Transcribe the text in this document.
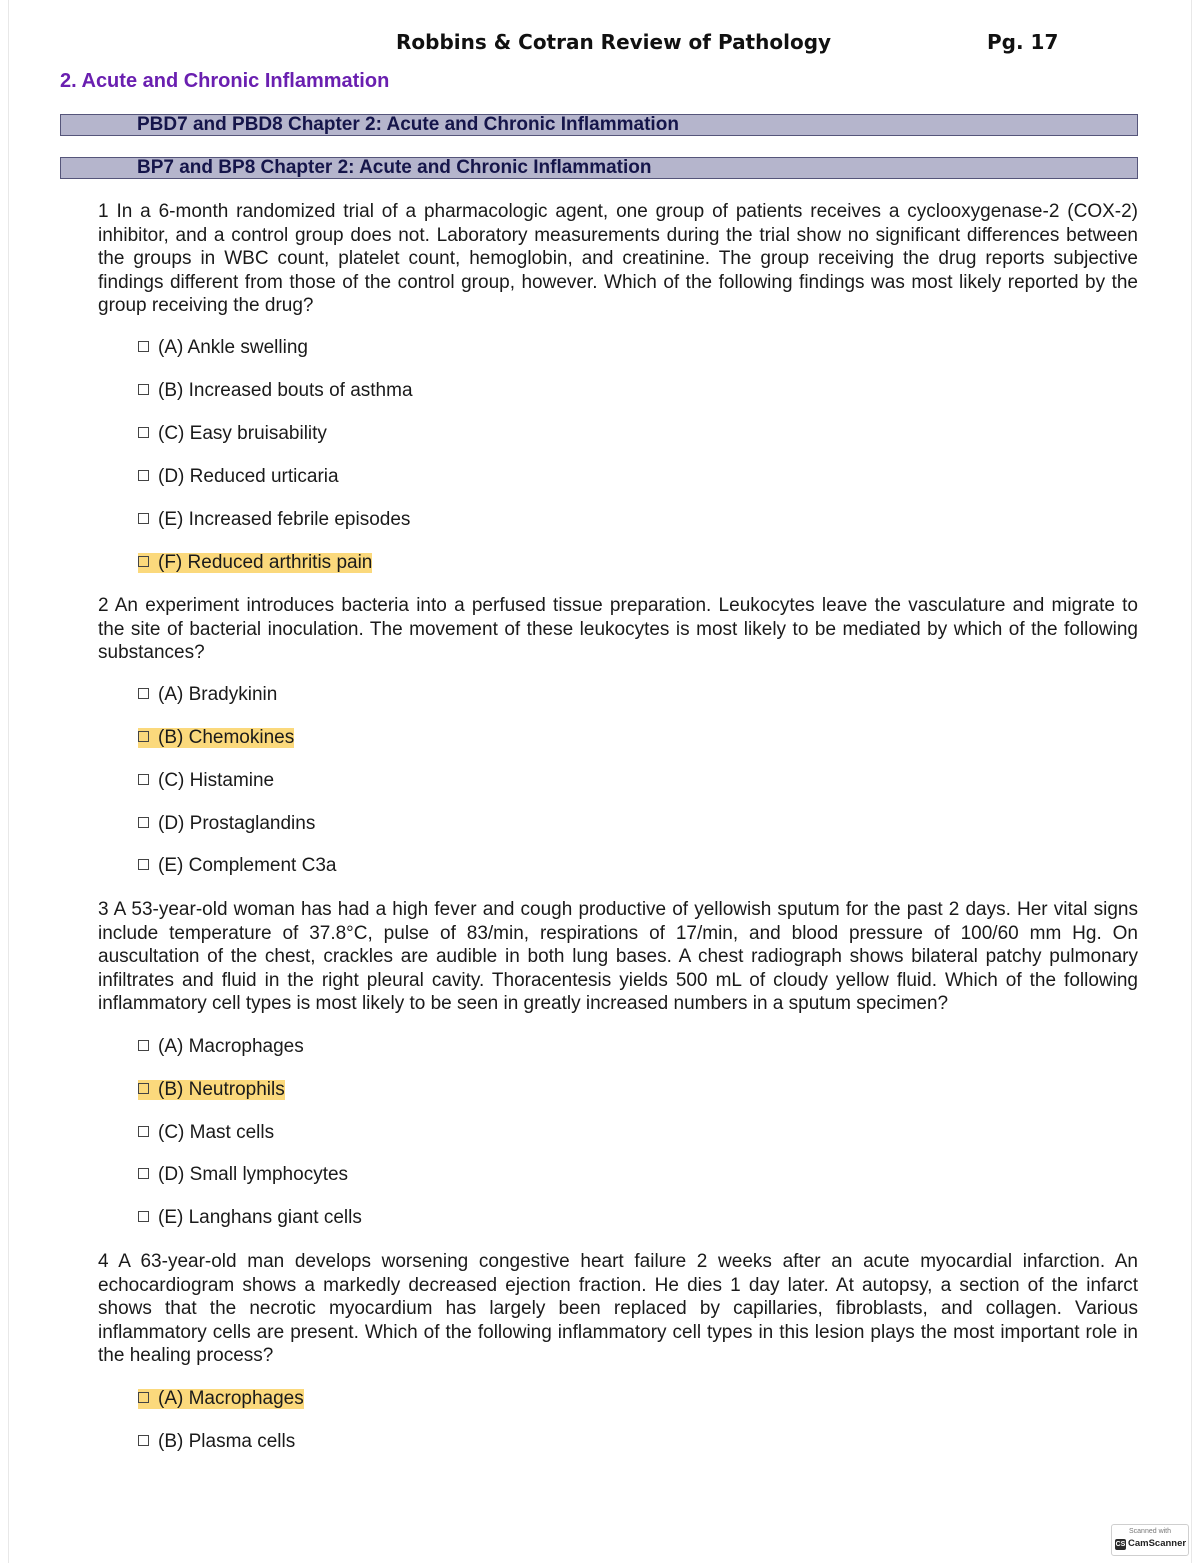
Robbins & Cotran Review of Pathology	Pg. 17
2. Acute and Chronic Inflammation
PBD7 and PBD8 Chapter 2: Acute and Chronic Inflammation
BP7 and BP8 Chapter 2: Acute and Chronic Inflammation
1 In a 6-month randomized trial of a pharmacologic agent, one group of patients receives a cyclooxygenase-2 (COX-2) inhibitor, and a control group does not. Laboratory measurements during the trial show no significant differences between the groups in WBC count, platelet count, hemoglobin, and creatinine. The group receiving the drug reports subjective findings different from those of the control group, however. Which of the following findings was most likely reported by the group receiving the drug?
(A) Ankle swelling
(B) Increased bouts of asthma
(C) Easy bruisability
(D) Reduced urticaria
(E) Increased febrile episodes
(F) Reduced arthritis pain
2 An experiment introduces bacteria into a perfused tissue preparation. Leukocytes leave the vasculature and migrate to the site of bacterial inoculation. The movement of these leukocytes is most likely to be mediated by which of the following substances?
(A) Bradykinin
(B) Chemokines
(C) Histamine
(D) Prostaglandins
(E) Complement C3a
3 A 53-year-old woman has had a high fever and cough productive of yellowish sputum for the past 2 days. Her vital signs include temperature of 37.8°C, pulse of 83/min, respirations of 17/min, and blood pressure of 100/60 mm Hg. On auscultation of the chest, crackles are audible in both lung bases. A chest radiograph shows bilateral patchy pulmonary infiltrates and fluid in the right pleural cavity. Thoracentesis yields 500 mL of cloudy yellow fluid. Which of the following inflammatory cell types is most likely to be seen in greatly increased numbers in a sputum specimen?
(A) Macrophages
(B) Neutrophils
(C) Mast cells
(D) Small lymphocytes
(E) Langhans giant cells
4 A 63-year-old man develops worsening congestive heart failure 2 weeks after an acute myocardial infarction. An echocardiogram shows a markedly decreased ejection fraction. He dies 1 day later. At autopsy, a section of the infarct shows that the necrotic myocardium has largely been replaced by capillaries, fibroblasts, and collagen. Various inflammatory cells are present. Which of the following inflammatory cell types in this lesion plays the most important role in the healing process?
(A) Macrophages
(B) Plasma cells
Scanned with
CS CamScanner
